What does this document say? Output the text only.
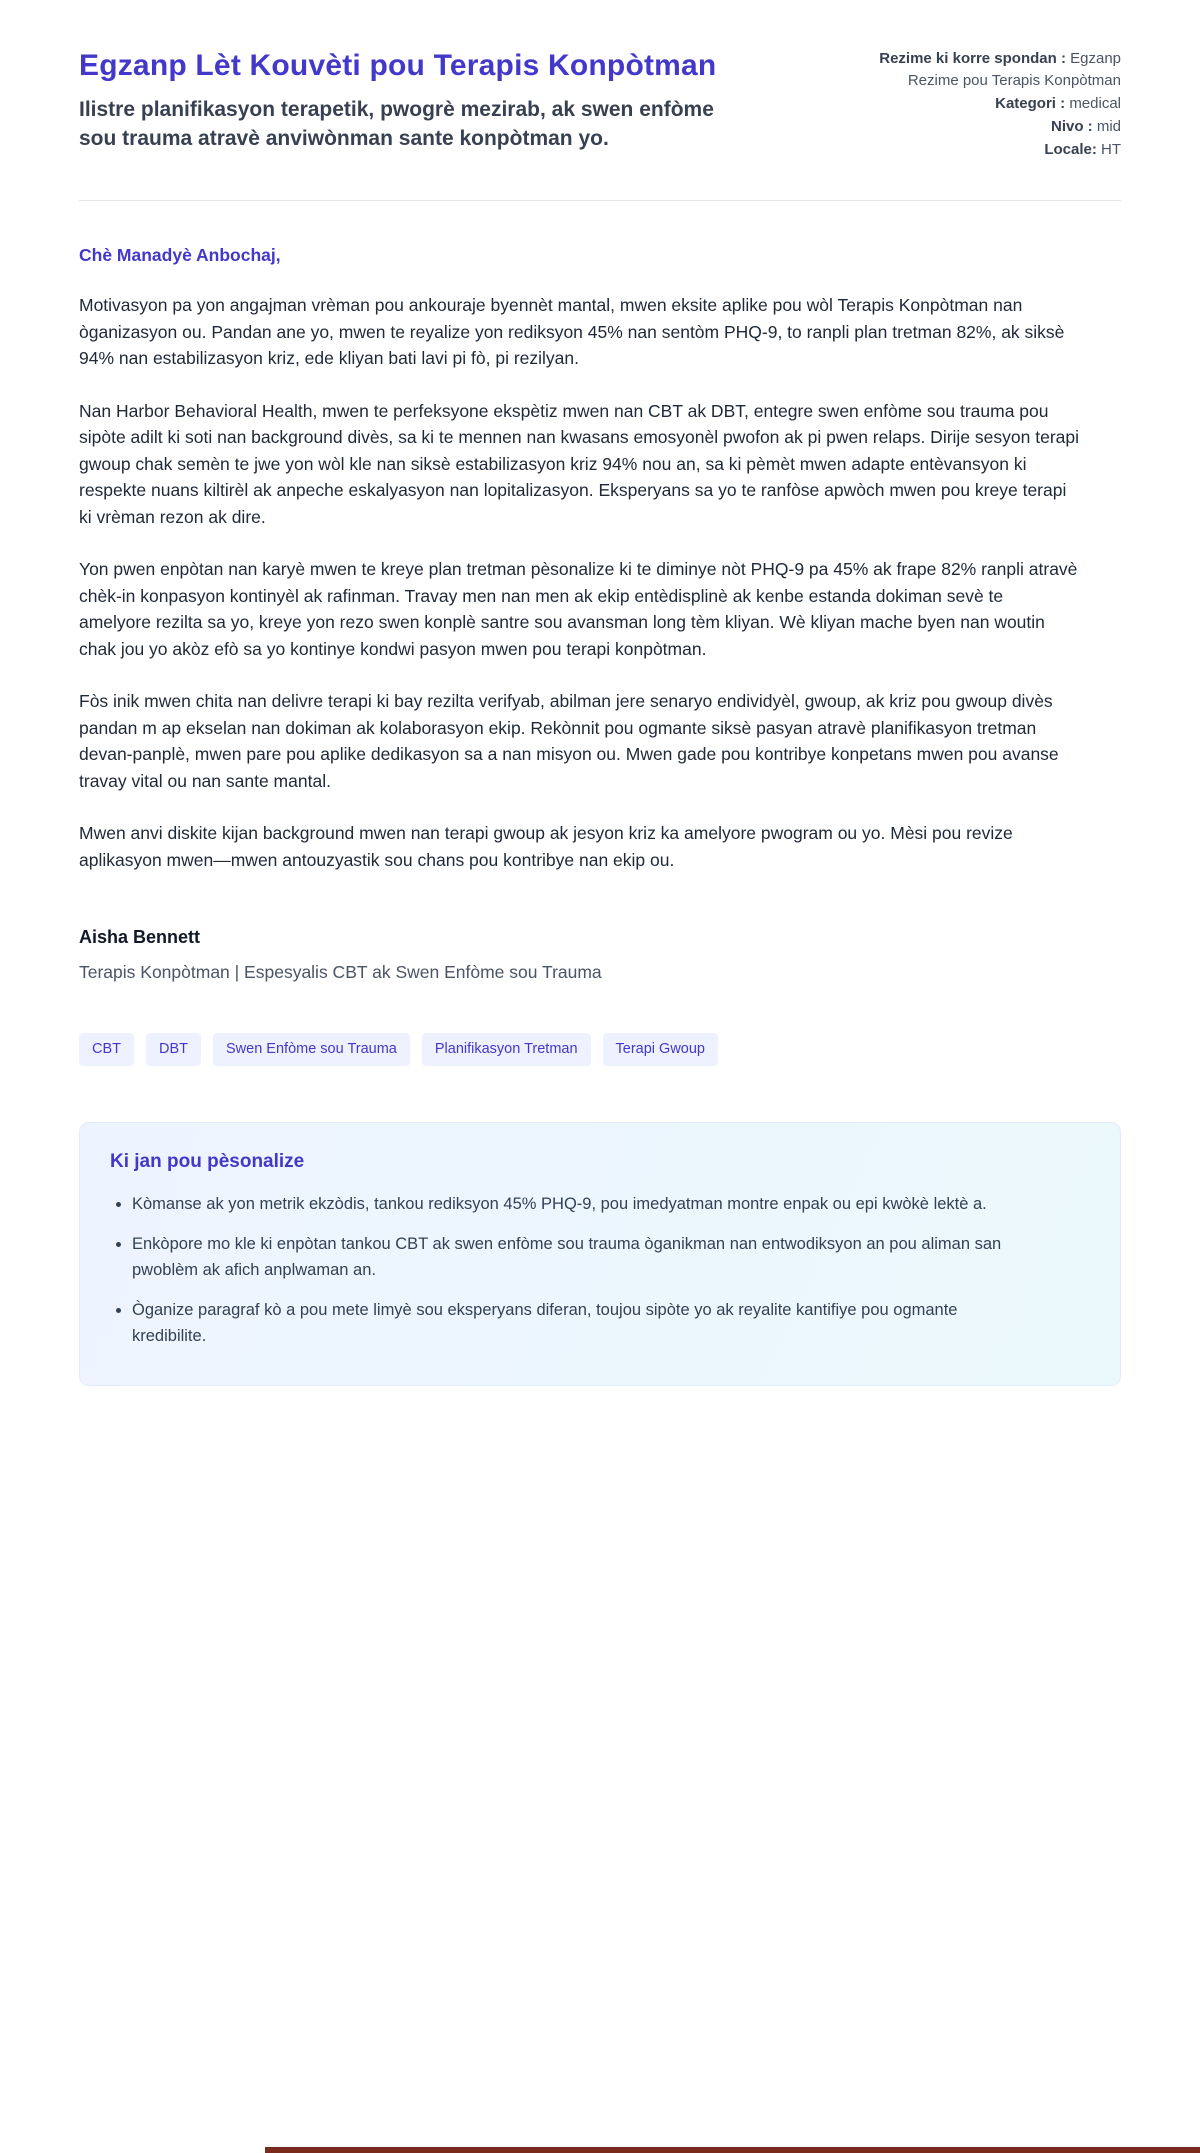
Egzanp Lèt Kouvèti pou Terapis Konpòtman

Ilistre planifikasyon terapetik, pwogrè mezirab, ak swen enfòme sou trauma atravè anviwònman sante konpòtman yo.

Rezime ki korre spondan : Egzanp Rezime pou Terapis Konpòtman
Kategori : medical
Nivo : mid
Locale: HT

Chè Manadyè Anbochaj,

Motivasyon pa yon angajman vrèman pou ankouraje byennèt mantal, mwen eksite aplike pou wòl Terapis Konpòtman nan òganizasyon ou. Pandan ane yo, mwen te reyalize yon rediksyon 45% nan sentòm PHQ-9, to ranpli plan tretman 82%, ak siksè 94% nan estabilizasyon kriz, ede kliyan bati lavi pi fò, pi rezilyan.

Nan Harbor Behavioral Health, mwen te perfeksyone ekspètiz mwen nan CBT ak DBT, entegre swen enfòme sou trauma pou sipòte adilt ki soti nan background divès, sa ki te mennen nan kwasans emosyonèl pwofon ak pi pwen relaps. Dirije sesyon terapi gwoup chak semèn te jwe yon wòl kle nan siksè estabilizasyon kriz 94% nou an, sa ki pèmèt mwen adapte entèvansyon ki respekte nuans kiltirèl ak anpeche eskalyasyon nan lopitalizasyon. Eksperyans sa yo te ranfòse apwòch mwen pou kreye terapi ki vrèman rezon ak dire.

Yon pwen enpòtan nan karyè mwen te kreye plan tretman pèsonalize ki te diminye nòt PHQ-9 pa 45% ak frape 82% ranpli atravè chèk-in konpasyon kontinyèl ak rafinman. Travay men nan men ak ekip entèdisplinè ak kenbe estanda dokiman sevè te amelyore rezilta sa yo, kreye yon rezo swen konplè santre sou avansman long tèm kliyan. Wè kliyan mache byen nan woutin chak jou yo akòz efò sa yo kontinye kondwi pasyon mwen pou terapi konpòtman.

Fòs inik mwen chita nan delivre terapi ki bay rezilta verifyab, abilman jere senaryo endividyèl, gwoup, ak kriz pou gwoup divès pandan m ap ekselan nan dokiman ak kolaborasyon ekip. Rekònnit pou ogmante siksè pasyan atravè planifikasyon tretman devan-panplè, mwen pare pou aplike dedikasyon sa a nan misyon ou. Mwen gade pou kontribye konpetans mwen pou avanse travay vital ou nan sante mantal.

Mwen anvi diskite kijan background mwen nan terapi gwoup ak jesyon kriz ka amelyore pwogram ou yo. Mèsi pou revize aplikasyon mwen—mwen antouzyastik sou chans pou kontribye nan ekip ou.

Aisha Bennett

Terapis Konpòtman | Espesyalis CBT ak Swen Enfòme sou Trauma

CBT	DBT	Swen Enfòme sou Trauma	Planifikasyon Tretman	Terapi Gwoup
Ki jan pou pèsonalize
• Kòmanse ak yon metrik ekzòdis, tankou rediksyon 45% PHQ-9, pou imedyatman montre enpak ou epi kwòkè lektè a.
• Enkòpore mo kle ki enpòtan tankou CBT ak swen enfòme sou trauma òganikman nan entwodiksyon an pou aliman san pwoblèm ak afich anplwaman an.
• Òganize paragraf kò a pou mete limyè sou eksperyans diferan, toujou sipòte yo ak reyalite kantifiye pou ogmante kredibilite.
